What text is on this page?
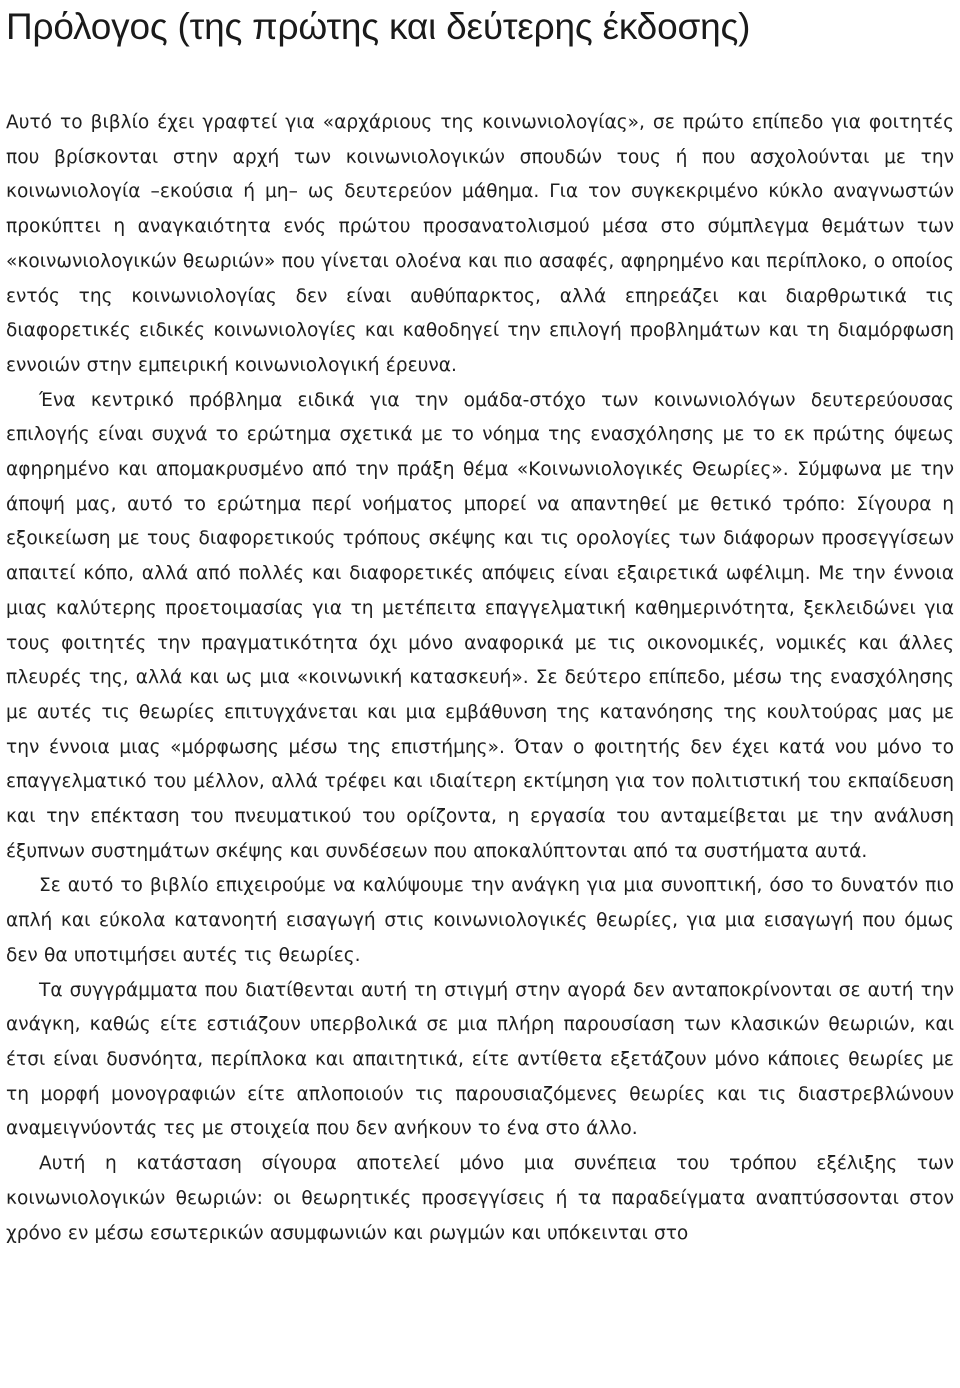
Πρόλογος (της πρώτης και δεύτερης έκδοσης)

Αυτό το βιβλίο έχει γραφτεί για «αρχάριους της κοινωνιολογίας», σε πρώτο επίπεδο για φοιτητές που βρίσκονται στην αρχή των κοινωνιολογικών σπουδών τους ή που ασχολούνται με την κοινωνιολογία –εκούσια ή μη– ως δευτερεύον μάθημα. Για τον συγκεκριμένο κύκλο αναγνωστών προκύπτει η αναγκαιότητα ενός πρώτου προσανατολισμού μέσα στο σύμπλεγμα θεμάτων των «κοινωνιολογικών θεωριών» που γίνεται ολοένα και πιο ασαφές, αφηρημένο και περίπλοκο, ο οποίος εντός της κοινωνιολογίας δεν είναι αυθύπαρκτος, αλλά επηρεάζει και διαρθρωτικά τις διαφορετικές ειδικές κοινωνιολογίες και καθοδηγεί την επιλογή προβλημάτων και τη διαμόρφωση εννοιών στην εμπειρική κοινωνιολογική έρευνα.

Ένα κεντρικό πρόβλημα ειδικά για την ομάδα-στόχο των κοινωνιολόγων δευτερεύουσας επιλογής είναι συχνά το ερώτημα σχετικά με το νόημα της ενασχόλησης με το εκ πρώτης όψεως αφηρημένο και απομακρυσμένο από την πράξη θέμα «Κοινωνιολογικές Θεωρίες». Σύμφωνα με την άποψή μας, αυτό το ερώτημα περί νοήματος μπορεί να απαντηθεί με θετικό τρόπο: Σίγουρα η εξοικείωση με τους διαφορετικούς τρόπους σκέψης και τις ορολογίες των διάφορων προσεγγίσεων απαιτεί κόπο, αλλά από πολλές και διαφορετικές απόψεις είναι εξαιρετικά ωφέλιμη. Με την έννοια μιας καλύτερης προετοιμασίας για τη μετέπειτα επαγγελματική καθημερινότητα, ξεκλειδώνει για τους φοιτητές την πραγματικότητα όχι μόνο αναφορικά με τις οικονομικές, νομικές και άλλες πλευρές της, αλλά και ως μια «κοινωνική κατασκευή». Σε δεύτερο επίπεδο, μέσω της ενασχόλησης με αυτές τις θεωρίες επιτυγχάνεται και μια εμβάθυνση της κατανόησης της κουλτούρας μας με την έννοια μιας «μόρφωσης μέσω της επιστήμης». Όταν ο φοιτητής δεν έχει κατά νου μόνο το επαγγελματικό του μέλλον, αλλά τρέφει και ιδιαίτερη εκτίμηση για τον πολιτιστική του εκπαίδευση και την επέκταση του πνευματικού του ορίζοντα, η εργασία του ανταμείβεται με την ανάλυση έξυπνων συστημάτων σκέψης και συνδέσεων που αποκαλύπτονται από τα συστήματα αυτά.

Σε αυτό το βιβλίο επιχειρούμε να καλύψουμε την ανάγκη για μια συνοπτική, όσο το δυνατόν πιο απλή και εύκολα κατανοητή εισαγωγή στις κοινωνιολογικές θεωρίες, για μια εισαγωγή που όμως δεν θα υποτιμήσει αυτές τις θεωρίες.

Τα συγγράμματα που διατίθενται αυτή τη στιγμή στην αγορά δεν ανταποκρίνονται σε αυτή την ανάγκη, καθώς είτε εστιάζουν υπερβολικά σε μια πλήρη παρουσίαση των κλασικών θεωριών, και έτσι είναι δυσνόητα, περίπλοκα και απαιτητικά, είτε αντίθετα εξετάζουν μόνο κάποιες θεωρίες με τη μορφή μονογραφιών είτε απλοποιούν τις παρουσιαζόμενες θεωρίες και τις διαστρεβλώνουν αναμειγνύοντάς τες με στοιχεία που δεν ανήκουν το ένα στο άλλο.

Αυτή η κατάσταση σίγουρα αποτελεί μόνο μια συνέπεια του τρόπου εξέλιξης των κοινωνιολογικών θεωριών: οι θεωρητικές προσεγγίσεις ή τα παραδείγματα αναπτύσσονται στον χρόνο εν μέσω εσωτερικών ασυμφωνιών και ρωγμών και υπόκεινται στο
